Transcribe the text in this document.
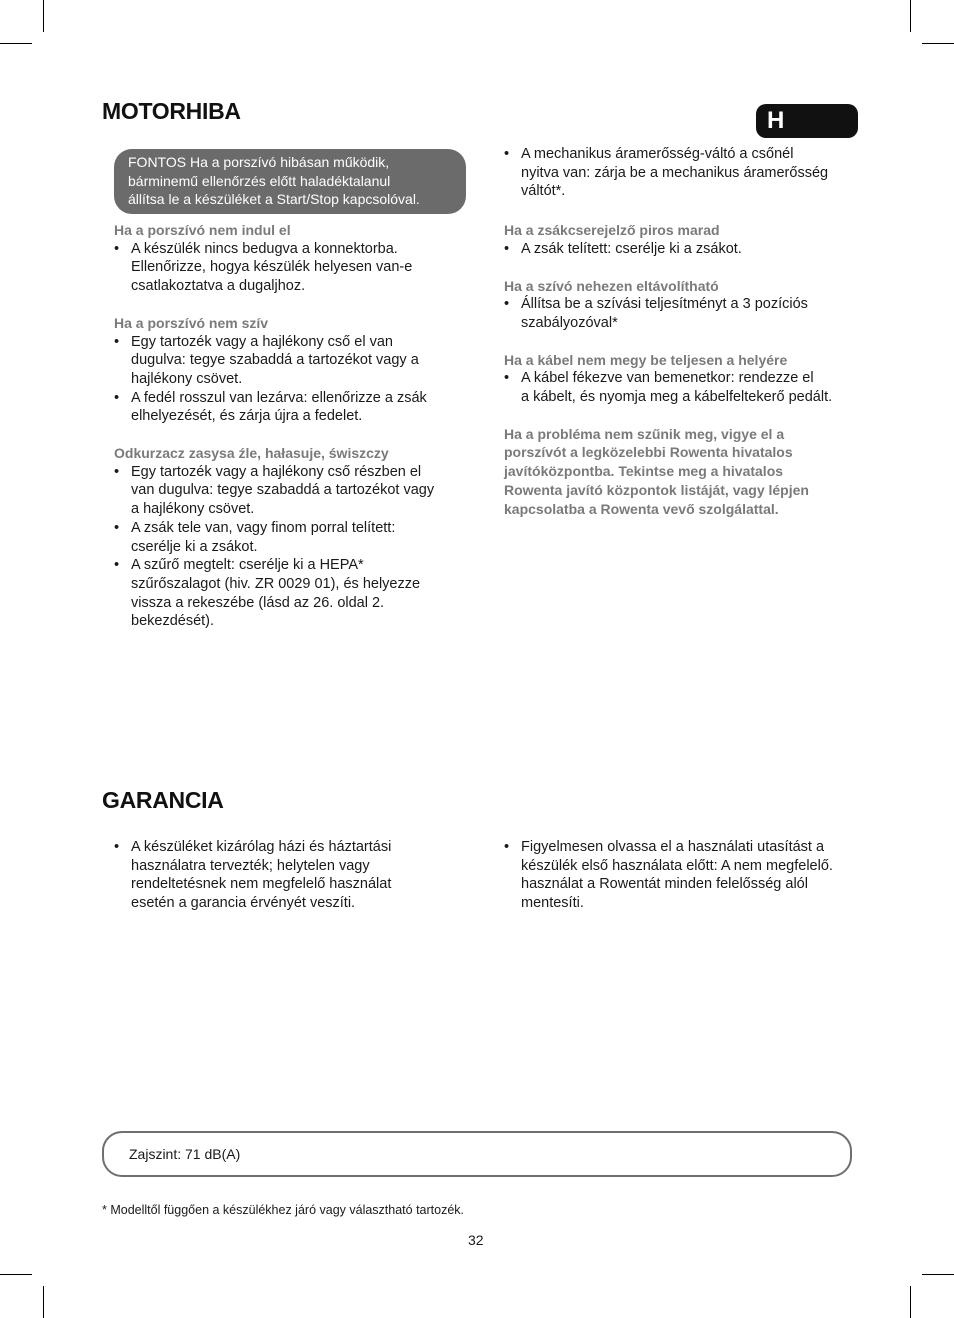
MOTORHIBA	H
FONTOS Ha a porszívó hibásan működik,
bárminemű ellenőrzés előtt haladéktalanul
állítsa le a készüléket a Start/Stop kapcsolóval.

Ha a porszívó nem indul el

• A készülék nincs bedugva a konnektorba.
Ellenőrizze, hogya készülék helyesen van-e
csatlakoztatva a dugaljhoz.

Ha a porszívó nem szív

• Egy tartozék vagy a hajlékony cső el van
dugulva: tegye szabaddá a tartozékot vagy a
hajlékony csövet.
• A fedél rosszul van lezárva: ellenőrizze a zsák
elhelyezését, és zárja újra a fedelet.

Odkurzacz zasysa źle, hałasuje, świszczy

• Egy tartozék vagy a hajlékony cső részben el
van dugulva: tegye szabaddá a tartozékot vagy
a hajlékony csövet.
• A zsák tele van, vagy finom porral telített:
cserélje ki a zsákot.
• A szűrő megtelt: cserélje ki a HEPA*
szűrőszalagot (hiv. ZR 0029 01), és helyezze
vissza a rekeszébe (lásd az 26. oldal 2.
bekezdését).
• A mechanikus áramerősség-váltó a csőnél
nyitva van: zárja be a mechanikus áramerősség
váltót*.

Ha a zsákcserejelző piros marad

• A zsák telített: cserélje ki a zsákot.

Ha a szívó nehezen eltávolítható

• Állítsa be a szívási teljesítményt a 3 pozíciós
szabályozóval*

Ha a kábel nem megy be teljesen a helyére

• A kábel fékezve van bemenetkor: rendezze el
a kábelt, és nyomja meg a kábelfeltekerő pedált.
Ha a probléma nem szűnik meg, vigye el a
porszívót a legközelebbi Rowenta hivatalos
javítóközpontba. Tekintse meg a hivatalos
Rowenta javító központok listáját, vagy lépjen
kapcsolatba a Rowenta vevő szolgálattal.
GARANCIA
• A készüléket kizárólag házi és háztartási
használatra tervezték; helytelen vagy
rendeltetésnek nem megfelelő használat
esetén a garancia érvényét veszíti.
• Figyelmesen olvassa el a használati utasítást a
készülék első használata előtt: A nem megfelelő.
használat a Rowentát minden felelősség alól
mentesíti.
Zajszint: 71 dB(A)
* Modelltől függően a készülékhez járó vagy választható tartozék.
32
